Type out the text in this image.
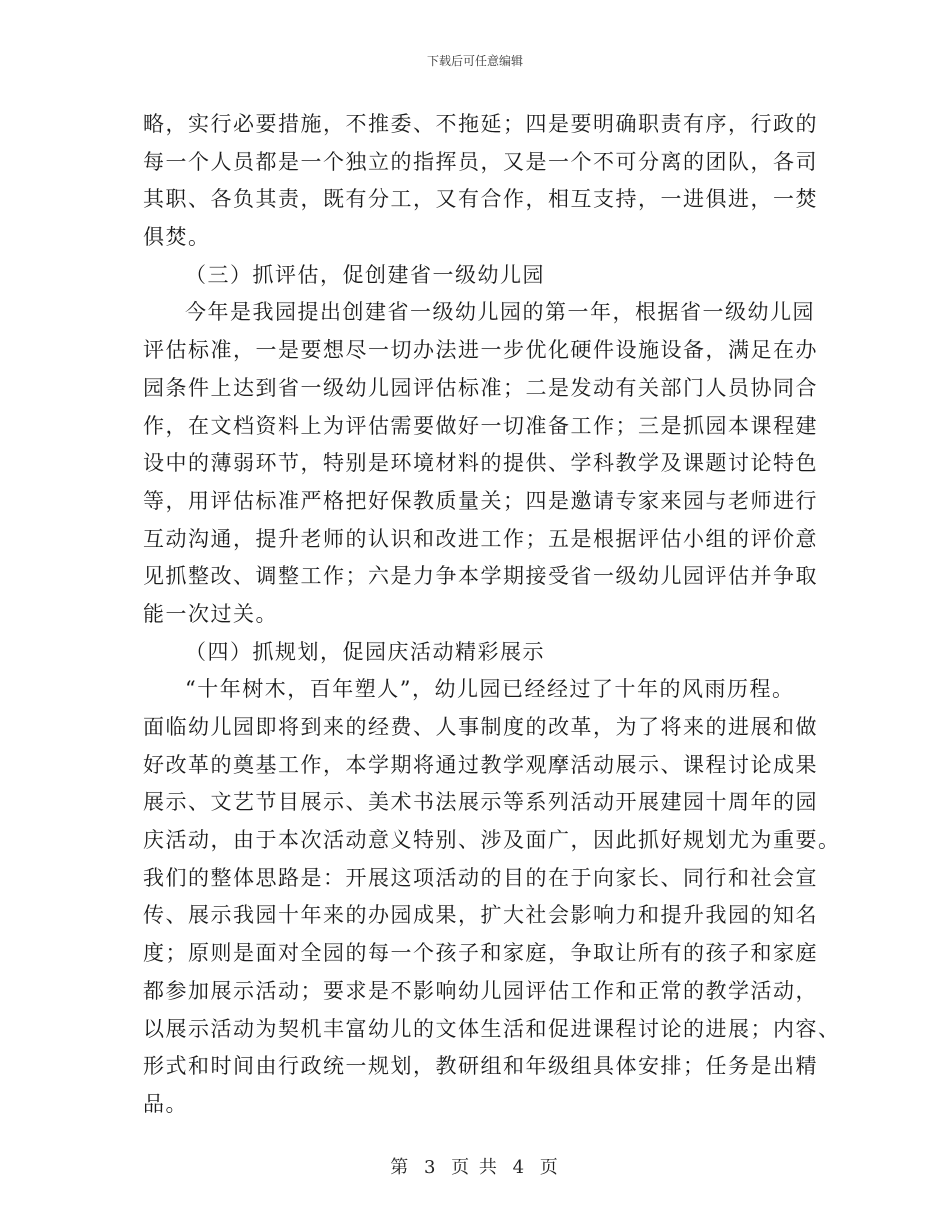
下载后可任意编辑
略，实行必要措施，不推委、不拖延；四是要明确职责有序，行政的
每一个人员都是一个独立的指挥员，又是一个不可分离的团队，各司
其职、各负其责，既有分工，又有合作，相互支持，一进俱进，一焚
俱焚。
（三）抓评估，促创建省一级幼儿园
今年是我园提出创建省一级幼儿园的第一年，根据省一级幼儿园
评估标准，一是要想尽一切办法进一步优化硬件设施设备，满足在办
园条件上达到省一级幼儿园评估标准；二是发动有关部门人员协同合
作，在文档资料上为评估需要做好一切准备工作；三是抓园本课程建
设中的薄弱环节，特别是环境材料的提供、学科教学及课题讨论特色
等，用评估标准严格把好保教质量关；四是邀请专家来园与老师进行
互动沟通，提升老师的认识和改进工作；五是根据评估小组的评价意
见抓整改、调整工作；六是力争本学期接受省一级幼儿园评估并争取
能一次过关。
（四）抓规划，促园庆活动精彩展示
“十年树木，百年塑人”，幼儿园已经经过了十年的风雨历程。
面临幼儿园即将到来的经费、人事制度的改革，为了将来的进展和做
好改革的奠基工作，本学期将通过教学观摩活动展示、课程讨论成果
展示、文艺节目展示、美术书法展示等系列活动开展建园十周年的园
庆活动，由于本次活动意义特别、涉及面广，因此抓好规划尤为重要。
我们的整体思路是：开展这项活动的目的在于向家长、同行和社会宣
传、展示我园十年来的办园成果，扩大社会影响力和提升我园的知名
度；原则是面对全园的每一个孩子和家庭，争取让所有的孩子和家庭
都参加展示活动；要求是不影响幼儿园评估工作和正常的教学活动，
以展示活动为契机丰富幼儿的文体生活和促进课程讨论的进展；内容、
形式和时间由行政统一规划，教研组和年级组具体安排；任务是出精
品。
第 3 页 共 4 页
